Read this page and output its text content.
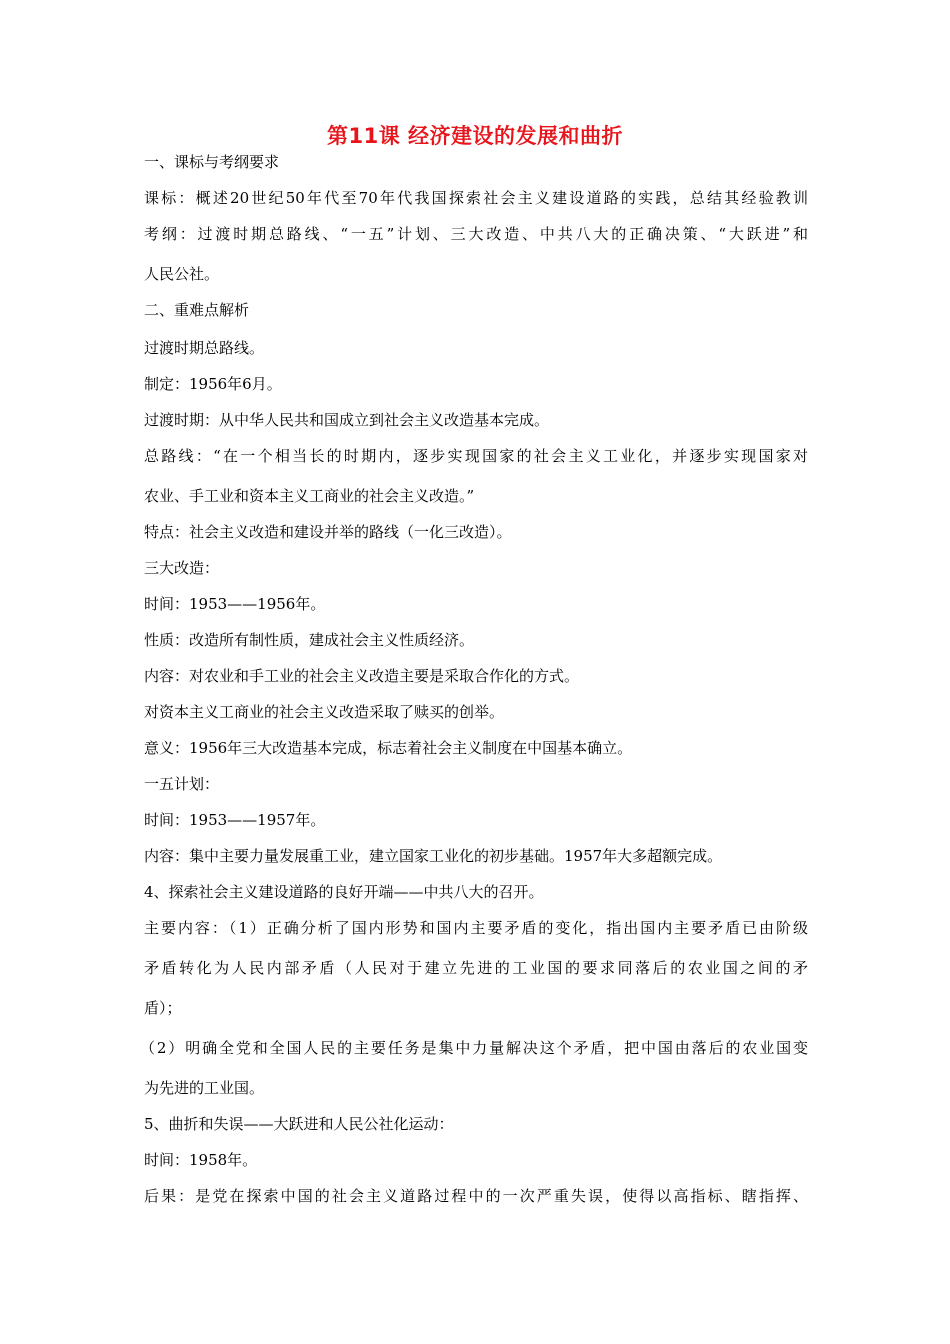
第11课 经济建设的发展和曲折
一、课标与考纲要求
课标：概述20世纪50年代至70年代我国探索社会主义建设道路的实践，总结其经验教训
考纲：过渡时期总路线、“一五”计划、三大改造、中共八大的正确决策、“大跃进”和
人民公社。
二、重难点解析
过渡时期总路线。
制定：1956年6月。
过渡时期：从中华人民共和国成立到社会主义改造基本完成。
总路线：“在一个相当长的时期内，逐步实现国家的社会主义工业化，并逐步实现国家对
农业、手工业和资本主义工商业的社会主义改造。”
特点：社会主义改造和建设并举的路线（一化三改造）。
三大改造：
时间：1953——1956年。
性质：改造所有制性质，建成社会主义性质经济。
内容：对农业和手工业的社会主义改造主要是采取合作化的方式。
对资本主义工商业的社会主义改造采取了赎买的创举。
意义：1956年三大改造基本完成，标志着社会主义制度在中国基本确立。
一五计划：
时间：1953——1957年。
内容：集中主要力量发展重工业，建立国家工业化的初步基础。1957年大多超额完成。
4、探索社会主义建设道路的良好开端——中共八大的召开。
主要内容：（1）正确分析了国内形势和国内主要矛盾的变化，指出国内主要矛盾已由阶级
矛盾转化为人民内部矛盾（人民对于建立先进的工业国的要求同落后的农业国之间的矛
盾）；
（2）明确全党和全国人民的主要任务是集中力量解决这个矛盾，把中国由落后的农业国变
为先进的工业国。
5、曲折和失误——大跃进和人民公社化运动：
时间：1958年。
后果：是党在探索中国的社会主义道路过程中的一次严重失误，使得以高指标、瞎指挥、
